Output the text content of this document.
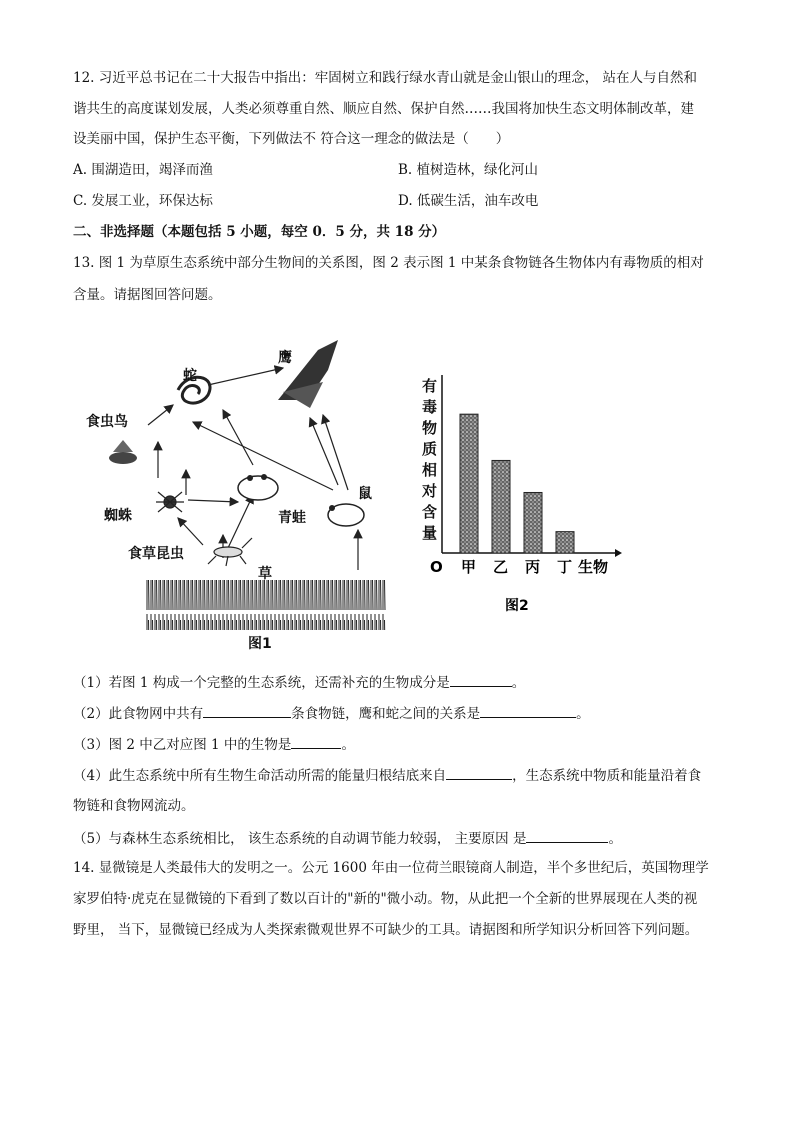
12. 习近平总书记在二十大报告中指出：牢固树立和践行绿水青山就是金山银山的理念， 站在人与自然和
谐共生的高度谋划发展，人类必须尊重自然、顺应自然、保护自然……我国将加快生态文明体制改革，建
设美丽中国，保护生态平衡，下列做法不 符合这一理念的做法是（　　）
A. 围湖造田，竭泽而渔	B. 植树造林，绿化河山
C. 发展工业，环保达标	D. 低碳生活，油车改电
二、非选择题（本题包括 5 小题，每空 0．5 分，共 18 分）
13. 图 1 为草原生态系统中部分生物间的关系图，图 2 表示图 1 中某条食物链各生物体内有毒物质的相对
含量。请据图回答问题。
蛇
鹰
食虫鸟
蜘蛛	青蛙
鼠
食草昆虫
草
图1
有
毒
物
质
相
对
含
量
O 甲 乙 丙 丁 生物
图2
（1）若图 1 构成一个完整的生态系统，还需补充的生物成分是	。
（2）此食物网中共有	条食物链，鹰和蛇之间的关系是	。
（3）图 2 中乙对应图 1 中的生物是	。
（4）此生态系统中所有生物生命活动所需的能量归根结底来自	，生态系统中物质和能量沿着食
物链和食物网流动。
（5）与森林生态系统相比， 该生态系统的自动调节能力较弱， 主要原因 是	。
14. 显微镜是人类最伟大的发明之一。公元 1600 年由一位荷兰眼镜商人制造，半个多世纪后，英国物理学
家罗伯特·虎克在显微镜的下看到了数以百计的"新的"微小动。物，从此把一个全新的世界展现在人类的视
野里， 当下，显微镜已经成为人类探索微观世界不可缺少的工具。请据图和所学知识分析回答下列问题。
